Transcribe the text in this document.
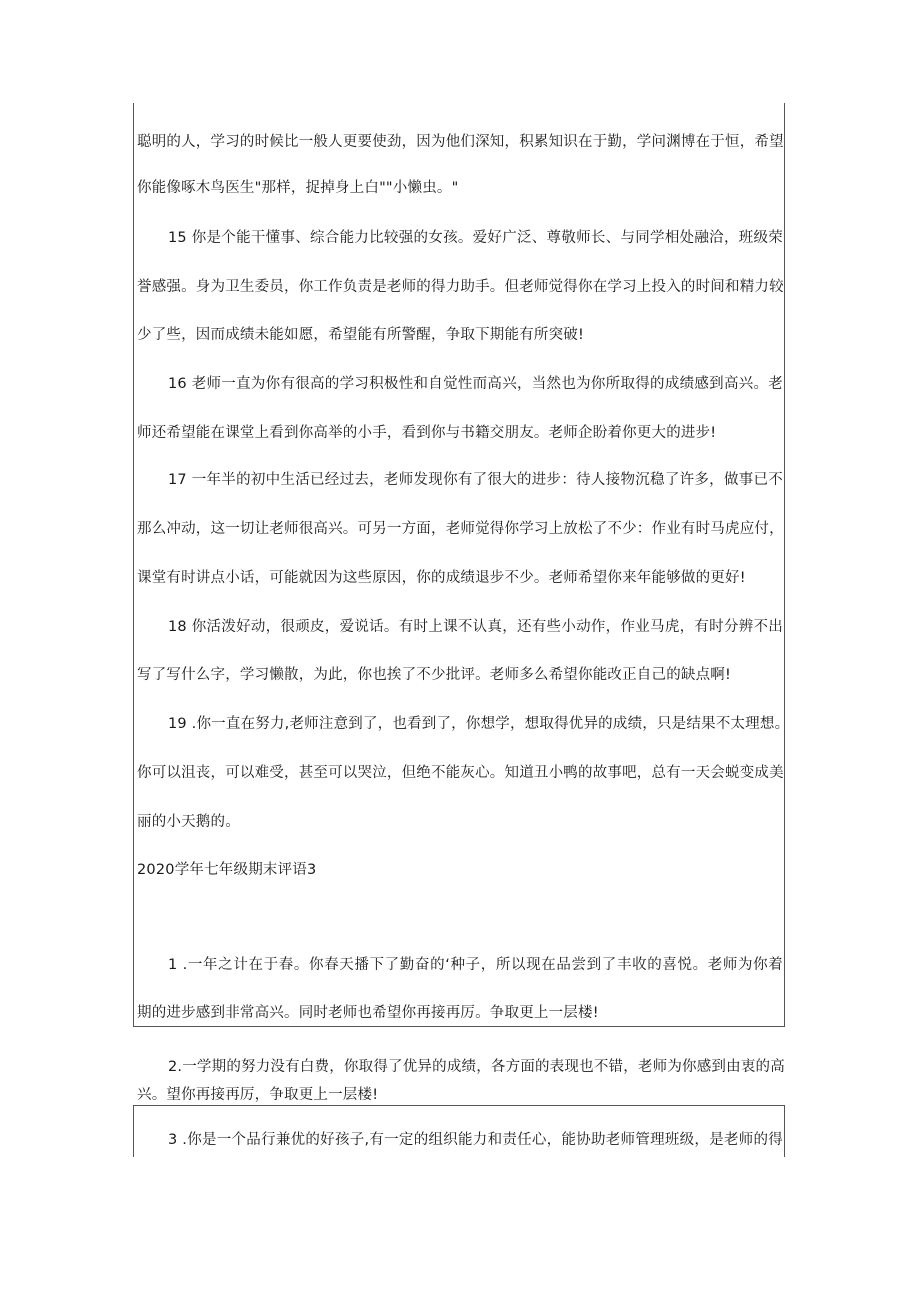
聪明的人，学习的时候比一般人更要使劲，因为他们深知，积累知识在于勤，学问渊博在于恒，希望
你能像啄木鸟医生"那样，捉掉身上白""小懒虫。"
15 你是个能干懂事、综合能力比较强的女孩。爱好广泛、尊敬师长、与同学相处融洽，班级荣
誉感强。身为卫生委员，你工作负责是老师的得力助手。但老师觉得你在学习上投入的时间和精力较
少了些，因而成绩未能如愿，希望能有所警醒，争取下期能有所突破!
16 老师一直为你有很高的学习积极性和自觉性而高兴，当然也为你所取得的成绩感到高兴。老
师还希望能在课堂上看到你高举的小手，看到你与书籍交朋友。老师企盼着你更大的进步!
17 一年半的初中生活已经过去，老师发现你有了很大的进步：待人接物沉稳了许多，做事已不
那么冲动，这一切让老师很高兴。可另一方面，老师觉得你学习上放松了不少：作业有时马虎应付，
课堂有时讲点小话，可能就因为这些原因，你的成绩退步不少。老师希望你来年能够做的更好!
18 你活泼好动，很顽皮，爱说话。有时上课不认真，还有些小动作，作业马虎，有时分辨不出
写了写什么字，学习懒散，为此，你也挨了不少批评。老师多么希望你能改正自己的缺点啊!
19 .你一直在努力,老师注意到了，也看到了，你想学，想取得优异的成绩，只是结果不太理想。
你可以沮丧，可以难受，甚至可以哭泣，但绝不能灰心。知道丑小鸭的故事吧，总有一天会蜕变成美
丽的小天鹅的。
2020学年七年级期末评语3
1 .一年之计在于春。你春天播下了勤奋的‘种子，所以现在品尝到了丰收的喜悦。老师为你着
期的进步感到非常高兴。同时老师也希望你再接再厉。争取更上一层楼!
2.一学期的努力没有白费，你取得了优异的成绩，各方面的表现也不错，老师为你感到由衷的高
兴。望你再接再厉，争取更上一层楼!
3 .你是一个品行兼优的好孩子,有一定的组织能力和责任心，能协助老师管理班级，是老师的得
